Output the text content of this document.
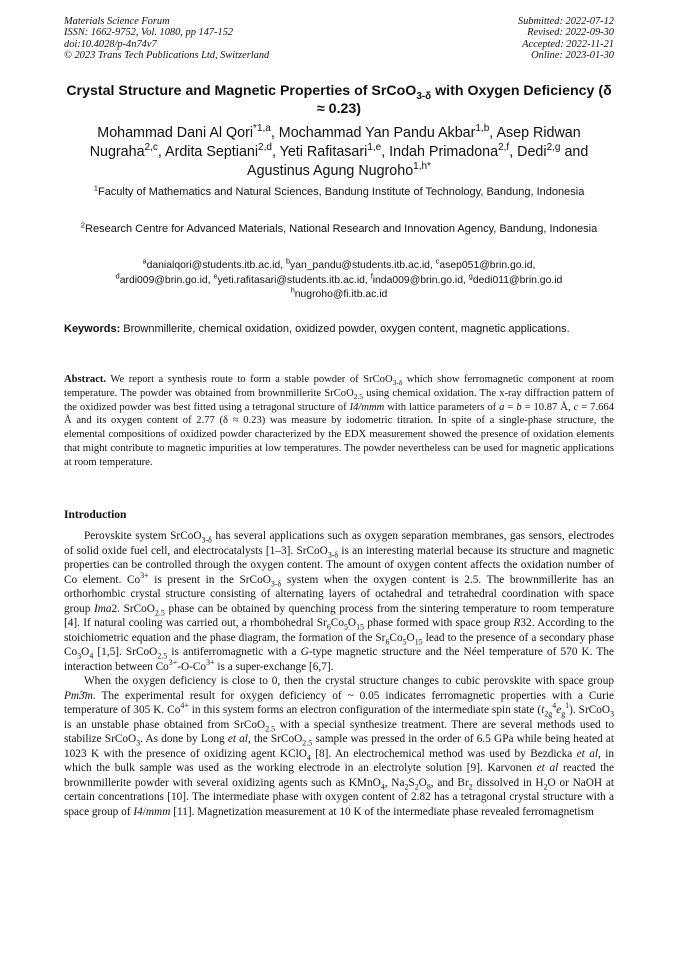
Materials Science Forum
ISSN: 1662-9752, Vol. 1080, pp 147-152
doi:10.4028/p-4n74v7
© 2023 Trans Tech Publications Ltd, Switzerland
Submitted: 2022-07-12
Revised: 2022-09-30
Accepted: 2022-11-21
Online: 2023-01-30
Crystal Structure and Magnetic Properties of SrCoO$_{3-\delta}$ with Oxygen Deficiency (δ ≈ 0.23)
Mohammad Dani Al Qori$^{*1,a}$, Mochammad Yan Pandu Akbar$^{1,b}$, Asep Ridwan Nugraha$^{2,c}$, Ardita Septiani$^{2,d}$, Yeti Rafitasari$^{1,e}$, Indah Primadona$^{2,f}$, Dedi$^{2,g}$ and Agustinus Agung Nugroho$^{1,h*}$
$^1$Faculty of Mathematics and Natural Sciences, Bandung Institute of Technology, Bandung, Indonesia
$^2$Research Centre for Advanced Materials, National Research and Innovation Agency, Bandung, Indonesia
$^a$danialqori@students.itb.ac.id, $^b$yan_pandu@students.itb.ac.id, $^c$asep051@brin.go.id,
$^d$ardi009@brin.go.id, $^e$yeti.rafitasari@students.itb.ac.id, $^f$inda009@brin.go.id, $^g$dedi011@brin.go.id
$^h$nugroho@fi.itb.ac.id
Keywords: Brownmillerite, chemical oxidation, oxidized powder, oxygen content, magnetic applications.
Abstract. We report a synthesis route to form a stable powder of SrCoO$_{3-\delta}$ which show ferromagnetic component at room temperature. The powder was obtained from brownmillerite SrCoO$_{2.5}$ using chemical oxidation. The x-ray diffraction pattern of the oxidized powder was best fitted using a tetragonal structure of I4/mmm with lattice parameters of a = b = 10.87 Å, c = 7.664 Å and its oxygen content of 2.77 (δ ≈ 0.23) was measure by iodometric titration. In spite of a single-phase structure, the elemental compositions of oxidized powder characterized by the EDX measurement showed the presence of oxidation elements that might contribute to magnetic impurities at low temperatures. The powder nevertheless can be used for magnetic applications at room temperature.
Introduction

Perovskite system SrCoO$_{3-\delta}$ has several applications such as oxygen separation membranes, gas sensors, electrodes of solid oxide fuel cell, and electrocatalysts [1–3]. SrCoO$_{3-\delta}$ is an interesting material because its structure and magnetic properties can be controlled through the oxygen content. The amount of oxygen content affects the oxidation number of Co element. $Co^{3+}$ is present in the SrCoO$_{3-\delta}$ system when the oxygen content is 2.5. The brownmillerite has an orthorhombic crystal structure consisting of alternating layers of octahedral and tetrahedral coordination with space group Ima2. SrCoO$_{2.5}$ phase can be obtained by quenching process from the sintering temperature to room temperature [4]. If natural cooling was carried out, a rhombohedral $Sr_6Co_5O_{15}$ phase formed with space group R32. According to the stoichiometric equation and the phase diagram, the formation of the $Sr_6Co_5O_{15}$ lead to the presence of a secondary phase $Co_3O_4$ [1,5]. SrCoO$_{2.5}$ is antiferromagnetic with a G-type magnetic structure and the Néel temperature of 570 K. The interaction between $Co^{3+}-O-Co^{3+}$ is a super-exchange [6,7].

When the oxygen deficiency is close to 0, then the crystal structure changes to cubic perovskite with space group Pm3̄m. The experimental result for oxygen deficiency of ~ 0.05 indicates ferromagnetic properties with a Curie temperature of 305 K. $Co^{4+}$ in this system forms an electron configuration of the intermediate spin state $(t_{2g}^4e_g^1)$. SrCoO$_3$ is an unstable phase obtained from SrCoO$_{2.5}$ with a special synthesize treatment. There are several methods used to stabilize SrCoO$_3$. As done by Long et al, the SrCoO$_{2.5}$ sample was pressed in the order of 6.5 GPa while being heated at 1023 K with the presence of oxidizing agent KClO$_4$ [8]. An electrochemical method was used by Bezdicka et al, in which the bulk sample was used as the working electrode in an electrolyte solution [9]. Karvonen et al reacted the brownmillerite powder with several oxidizing agents such as KMnO$_4$, $Na_2S_2O_8$, and $Br_2$ dissolved in $H_2O$ or NaOH at certain concentrations [10]. The intermediate phase with oxygen content of 2.82 has a tetragonal crystal structure with a space group of I4/mmm [11]. Magnetization measurement at 10 K of the intermediate phase revealed ferromagnetism
